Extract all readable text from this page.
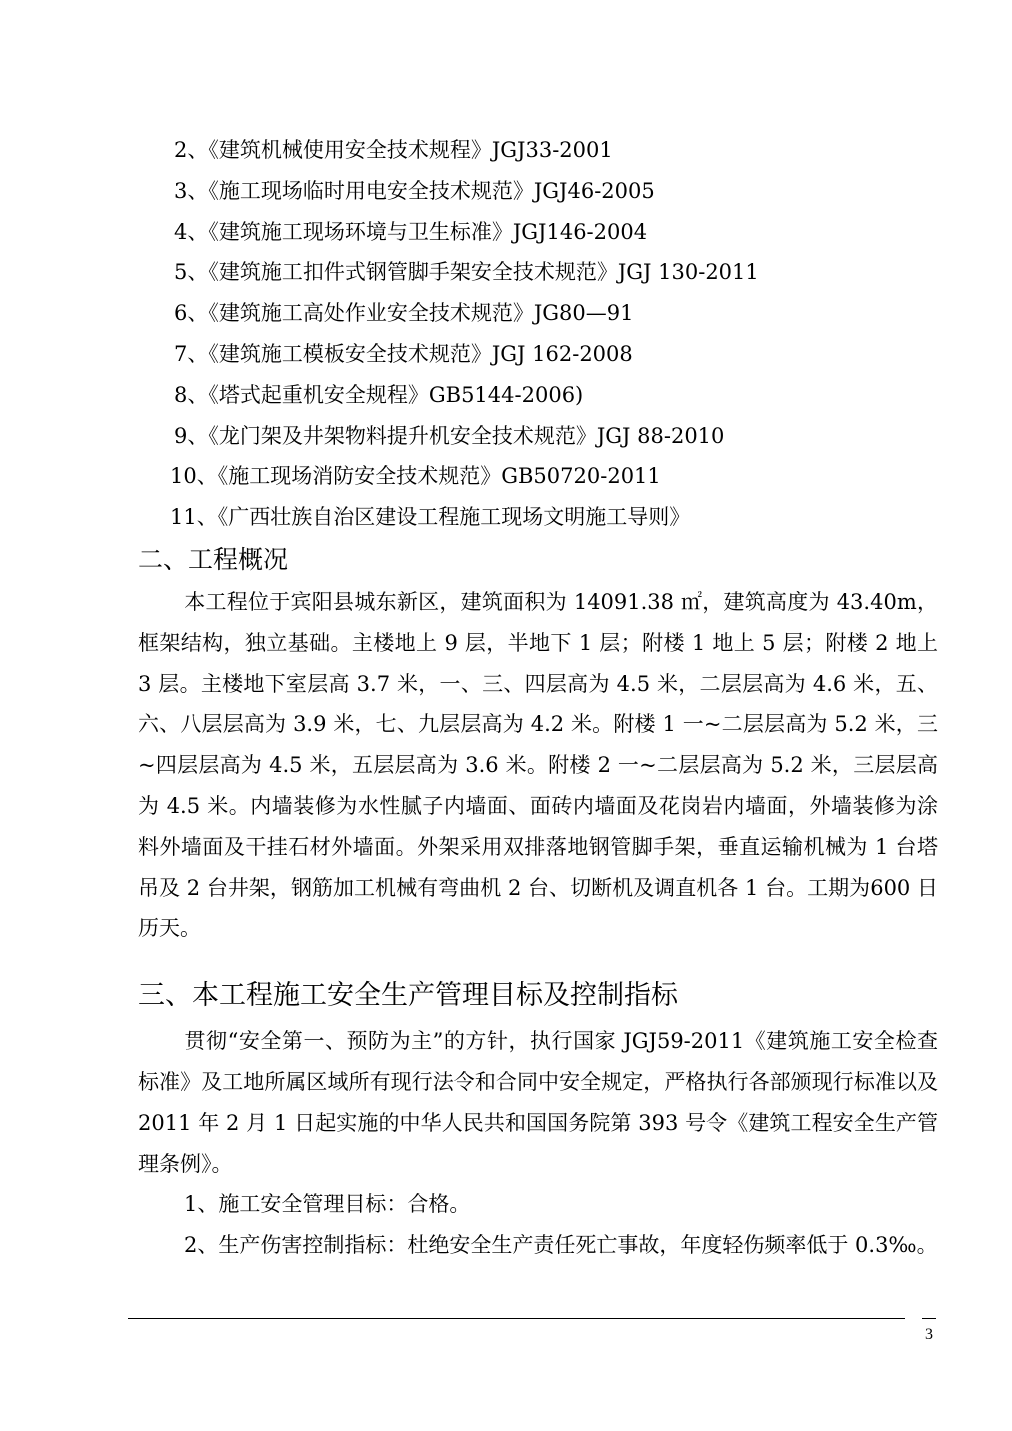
2、《建筑机械使用安全技术规程》JGJ33-2001
3、《施工现场临时用电安全技术规范》JGJ46-2005
4、《建筑施工现场环境与卫生标准》JGJ146-2004
5、《建筑施工扣件式钢管脚手架安全技术规范》JGJ 130-2011
6、《建筑施工高处作业安全技术规范》JG80—91
7、《建筑施工模板安全技术规范》JGJ 162-2008
8、《塔式起重机安全规程》GB5144-2006)
9、《龙门架及井架物料提升机安全技术规范》JGJ 88-2010
10、《施工现场消防安全技术规范》GB50720-2011
11、《广西壮族自治区建设工程施工现场文明施工导则》
二、工程概况

本工程位于宾阳县城东新区，建筑面积为 14091.38 ㎡，建筑高度为 43.40m，框架结构，独立基础。主楼地上 9 层，半地下 1 层；附楼 1 地上 5 层；附楼 2 地上 3 层。主楼地下室层高 3.7 米，一、三、四层高为 4.5 米，二层层高为 4.6 米，五、六、八层层高为 3.9 米，七、九层层高为 4.2 米。附楼 1 一~二层层高为 5.2 米，三~四层层高为 4.5 米，五层层高为 3.6 米。附楼 2 一~二层层高为 5.2 米，三层层高为 4.5 米。内墙装修为水性腻子内墙面、面砖内墙面及花岗岩内墙面，外墙装修为涂料外墙面及干挂石材外墙面。外架采用双排落地钢管脚手架，垂直运输机械为 1 台塔吊及 2 台井架，钢筋加工机械有弯曲机 2 台、切断机及调直机各 1 台。工期为600 日历天。

三、本工程施工安全生产管理目标及控制指标

贯彻“安全第一、预防为主”的方针，执行国家 JGJ59-2011《建筑施工安全检查标准》及工地所属区域所有现行法令和合同中安全规定，严格执行各部颁现行标准以及 2011 年 2 月 1 日起实施的中华人民共和国国务院第 393 号令《建筑工程安全生产管理条例》。

1、施工安全管理目标：合格。

2、生产伤害控制指标：杜绝安全生产责任死亡事故，年度轻伤频率低于 0.3‰。

3
